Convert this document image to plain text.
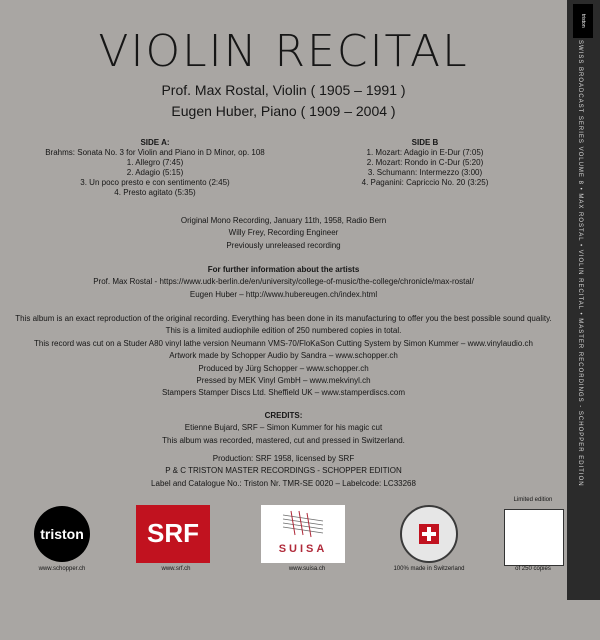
VIOLIN RECITAL
Prof. Max Rostal, Violin ( 1905 – 1991 )
Eugen Huber, Piano ( 1909 – 2004 )
SIDE A:
Brahms: Sonata No. 3 for Violin and Piano in D Minor, op. 108
1. Allegro (7:45)
2. Adagio (5:15)
3. Un poco presto e con sentimento (2:45)
4. Presto agitato (5:35)
SIDE B
1. Mozart: Adagio in E-Dur (7:05)
2. Mozart: Rondo in C-Dur (5:20)
3. Schumann: Intermezzo (3:00)
4. Paganini: Capriccio No. 20 (3:25)
Original Mono Recording, January 11th, 1958, Radio Bern
Willy Frey, Recording Engineer
Previously unreleased recording
For further information about the artists
Prof. Max Rostal - https://www.udk-berlin.de/en/university/college-of-music/the-college/chronicle/max-rostal/
Eugen Huber – http://www.hubereugen.ch/index.html
This album is an exact reproduction of the original recording. Everything has been done in its manufacturing to offer you the best possible sound quality.
This is a limited audiophile edition of 250 numbered copies in total.
This record was cut on a Studer A80 vinyl lathe version Neumann VMS-70/FloKaSon Cutting System by Simon Kummer – www.vinylaudio.ch
Artwork made by Schopper Audio by Sandra – www.schopper.ch
Produced by Jürg Schopper – www.schopper.ch
Pressed by MEK Vinyl GmbH – www.mekvinyl.ch
Stampers Stamper Discs Ltd. Sheffield UK – www.stamperdiscs.com
CREDITS:
Etienne Bujard, SRF – Simon Kummer for his magic cut
This album was recorded, mastered, cut and pressed in Switzerland.
Production: SRF 1958, licensed by SRF
P & C TRISTON MASTER RECORDINGS - SCHOPPER EDITION
Label and Catalogue No.: Triston Nr. TMR-SE 0020 – Labelcode: LC33268
triston
www.schopper.ch
SRF
www.srf.ch
SUISA
www.suisa.ch	100% made in Switzerland
Limited edition
of 250 copies
triston
SWISS BROADCAST SERIES VOLUME 8 • MAX ROSTAL • VIOLIN RECITAL • MASTER RECORDINGS - SCHOPPER EDITION
